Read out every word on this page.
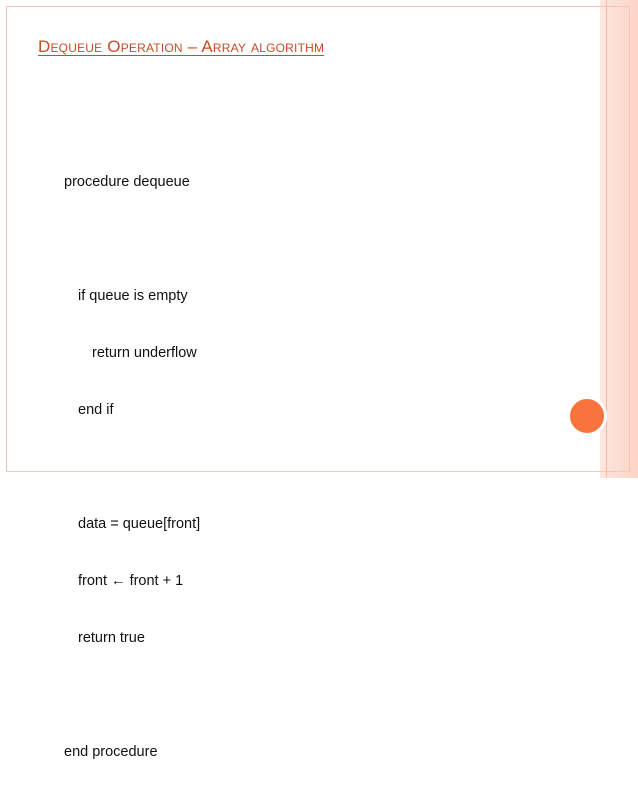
Dequeue Operation – Array algorithm

procedure dequeue

if queue is empty

return underflow

end if

data = queue[front]

front ← front + 1

return true

end procedure
